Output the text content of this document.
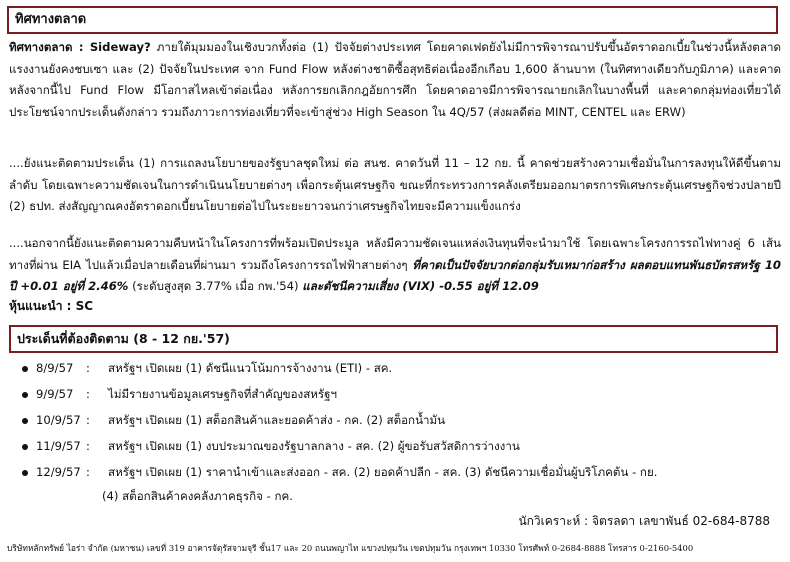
ทิศทางตลาด

ทิศทางตลาด : Sideway? ภายใต้มุมมองในเชิงบวกทั้งต่อ (1) ปัจจัยต่างประเทศ โดยคาดเฟดยังไม่มีการพิจารณาปรับขึ้นอัตราดอกเบี้ยในช่วงนี้หลังตลาดแรงงานยังคงชบเซา และ (2) ปัจจัยในประเทศ จาก Fund Flow หลังต่างชาติซื้อสุทธิต่อเนื่องอีกเกือบ 1,600 ล้านบาท (ในทิศทางเดียวกับภูมิภาค) และคาดหลังจากนี้ไป Fund Flow มีโอกาสไหลเข้าต่อเนื่อง หลังการยกเลิกกฎอัยการศึก โดยคาดอาจมีการพิจารณายกเลิกในบางพื้นที่ และคาดกลุ่มท่องเที่ยวได้ประโยชน์จากประเด็นดังกล่าว รวมถึงภาวะการท่องเที่ยวที่จะเข้าสู่ช่วง High Season ใน 4Q/57 (ส่งผลดีต่อ MINT, CENTEL และ ERW)

....ยังแนะติดตามประเด็น (1) การแถลงนโยบายของรัฐบาลชุดใหม่ ต่อ สนช. คาดวันที่ 11 – 12 กย. นี้ คาดช่วยสร้างความเชื่อมั่นในการลงทุนให้ดีขึ้นตามลำดับ โดยเฉพาะความชัดเจนในการดำเนินนโยบายต่างๆ เพื่อกระตุ้นเศรษฐกิจ ขณะที่กระทรวงการคลังเตรียมออกมาตรการพิเศษกระตุ้นเศรษฐกิจช่วงปลายปี (2) ธปท. ส่งสัญญาณคงอัตราดอกเบี้ยนโยบายต่อไปในระยะยาวจนกว่าเศรษฐกิจไทยจะมีความแข็งแกร่ง

....นอกจากนี้ยังแนะติดตามความคืบหน้าในโครงการที่พร้อมเปิดประมูล หลังมีความชัดเจนแหล่งเงินทุนที่จะนำมาใช้ โดยเฉพาะโครงการรถไฟทางคู่ 6 เส้นทางที่ผ่าน EIA ไปแล้วเมื่อปลายเดือนที่ผ่านมา รวมถึงโครงการรถไฟฟ้าสายต่างๆ ที่คาดเป็นปัจจัยบวกต่อกลุ่มรับเหมาก่อสร้าง ผลตอบแทนพันธบัตรสหรัฐ 10 ปี +0.01 อยู่ที่ 2.46% (ระดับสูงสุด 3.77% เมื่อ กพ.'54) และดัชนีความเสี่ยง (VIX) -0.55 อยู่ที่ 12.09

หุ้นแนะนำ : SC
ประเด็นที่ต้องติดตาม (8 - 12 กย.'57)
8/9/57 : สหรัฐฯ เปิดเผย (1) ดัชนีแนวโน้มการจ้างงาน (ETI) - สค.
9/9/57 : ไม่มีรายงานข้อมูลเศรษฐกิจที่สำคัญของสหรัฐฯ
10/9/57 : สหรัฐฯ เปิดเผย (1) สต็อกสินค้าและยอดค้าส่ง - กค. (2) สต็อกน้ำมัน
11/9/57 : สหรัฐฯ เปิดเผย (1) งบประมาณของรัฐบาลกลาง - สค. (2) ผู้ขอรับสวัสดิการว่างงาน
12/9/57 : สหรัฐฯ เปิดเผย (1) ราคานำเข้าและส่งออก - สค. (2) ยอดค้าปลีก - สค. (3) ดัชนีความเชื่อมั่นผู้บริโภคต้น - กย.
(4) สต็อกสินค้าคงคลังภาคธุรกิจ - กค.
นักวิเคราะห์ : จิตรลดา เลขาพันธ์ 02-684-8788
บริษัทหลักทรัพย์ ไอร่า จำกัด (มหาชน) เลขที่ 319 อาคารจัตุรัสจามจุรี ชั้น17 และ 20 ถนนพญาไท แขวงปทุมวัน เขตปทุมวัน กรุงเทพฯ 10330 โทรศัพท์ 0-2684-8888 โทรสาร 0-2160-5400
